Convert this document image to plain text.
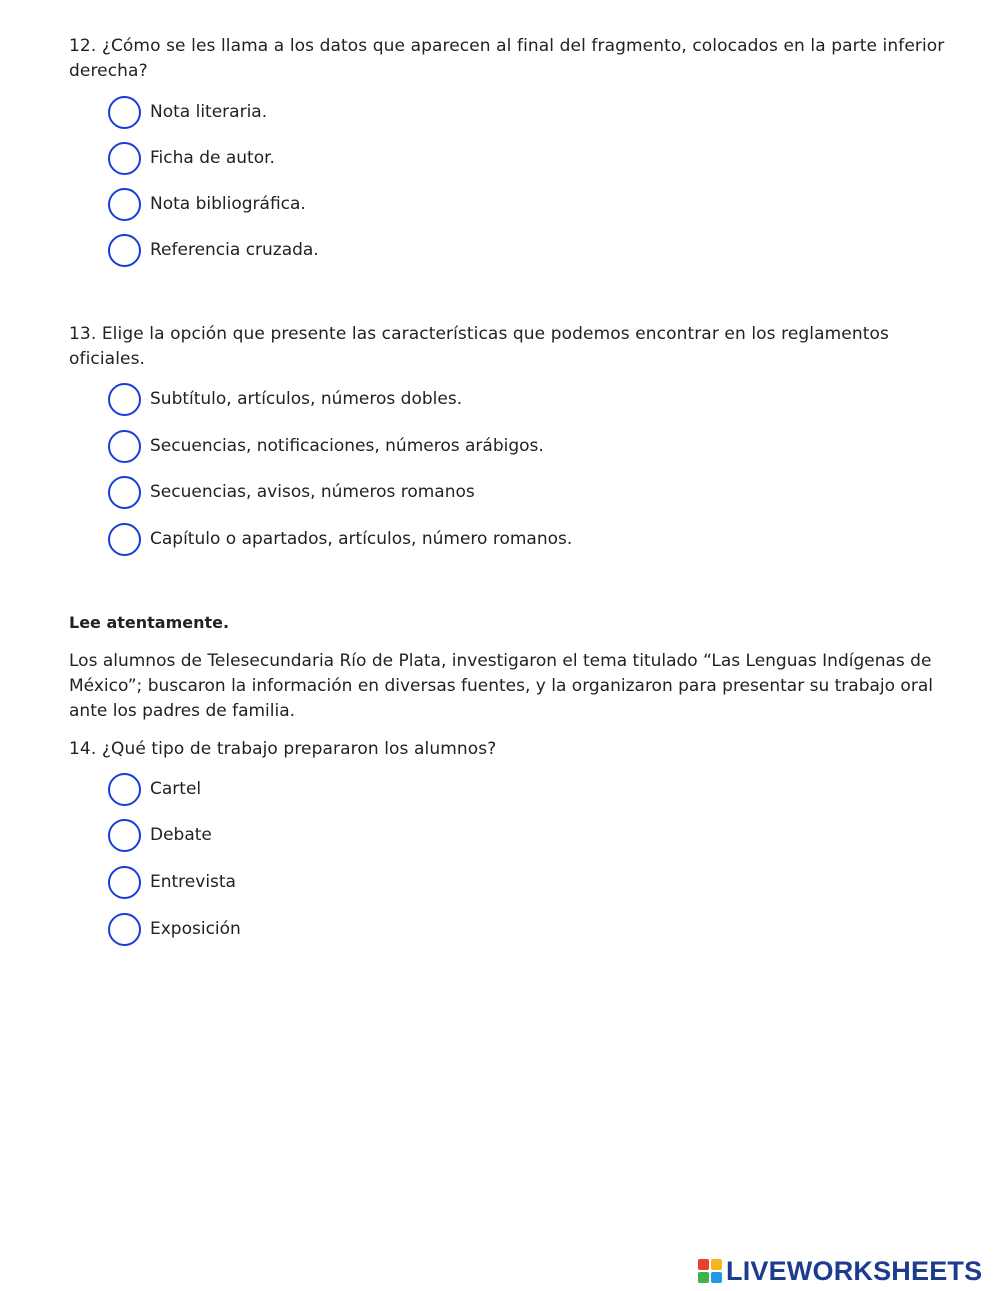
12. ¿Cómo se les llama a los datos que aparecen al final del fragmento, colocados en la parte inferior derecha?
Nota literaria.
Ficha de autor.
Nota bibliográfica.
Referencia cruzada.
13. Elige la opción que presente las características que podemos encontrar en los reglamentos oficiales.
Subtítulo, artículos, números dobles.
Secuencias, notificaciones, números arábigos.
Secuencias, avisos, números romanos
Capítulo o apartados, artículos, número romanos.
Lee atentamente.
Los alumnos de Telesecundaria Río de Plata, investigaron el tema titulado “Las Lenguas Indígenas de México”; buscaron la información en diversas fuentes, y la organizaron para presentar su trabajo oral ante los padres de familia.
14. ¿Qué tipo de trabajo prepararon los alumnos?
Cartel
Debate
Entrevista
Exposición
LIVEWORKSHEETS
